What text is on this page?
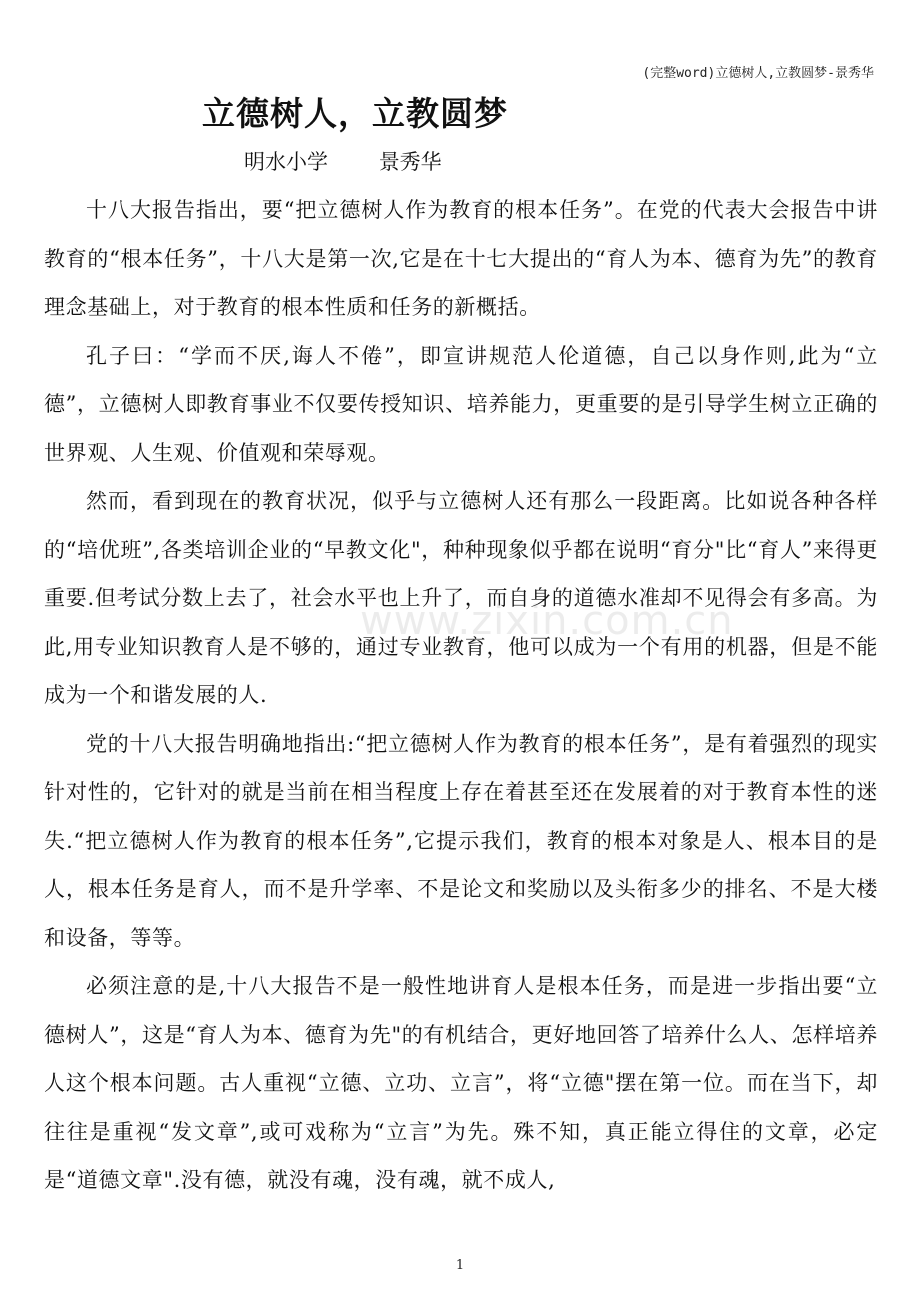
(完整word)立德树人,立教圆梦-景秀华
立德树人，立教圆梦
明水小学 景秀华

十八大报告指出，要“把立德树人作为教育的根本任务”。在党的代表大会报告中讲教育的“根本任务”，十八大是第一次,它是在十七大提出的“育人为本、德育为先”的教育理念基础上，对于教育的根本性质和任务的新概括。

孔子曰：“学而不厌,诲人不倦”，即宣讲规范人伦道德，自己以身作则,此为“立德”，立德树人即教育事业不仅要传授知识、培养能力，更重要的是引导学生树立正确的世界观、人生观、价值观和荣辱观。

然而，看到现在的教育状况，似乎与立德树人还有那么一段距离。比如说各种各样的“培优班”,各类培训企业的“早教文化"，种种现象似乎都在说明“育分"比“育人”来得更重要.但考试分数上去了，社会水平也上升了，而自身的道德水准却不见得会有多高。为此,用专业知识教育人是不够的，通过专业教育，他可以成为一个有用的机器，但是不能成为一个和谐发展的人.

党的十八大报告明确地指出:“把立德树人作为教育的根本任务”，是有着强烈的现实针对性的，它针对的就是当前在相当程度上存在着甚至还在发展着的对于教育本性的迷失.“把立德树人作为教育的根本任务”,它提示我们，教育的根本对象是人、根本目的是人，根本任务是育人，而不是升学率、不是论文和奖励以及头衔多少的排名、不是大楼和设备，等等。

必须注意的是,十八大报告不是一般性地讲育人是根本任务，而是进一步指出要“立德树人”，这是“育人为本、德育为先"的有机结合，更好地回答了培养什么人、怎样培养人这个根本问题。古人重视“立德、立功、立言”，将“立德"摆在第一位。而在当下，却往往是重视“发文章”,或可戏称为“立言”为先。殊不知，真正能立得住的文章，必定是“道德文章".没有德，就没有魂，没有魂，就不成人,

www.zixin.com.cn
1
